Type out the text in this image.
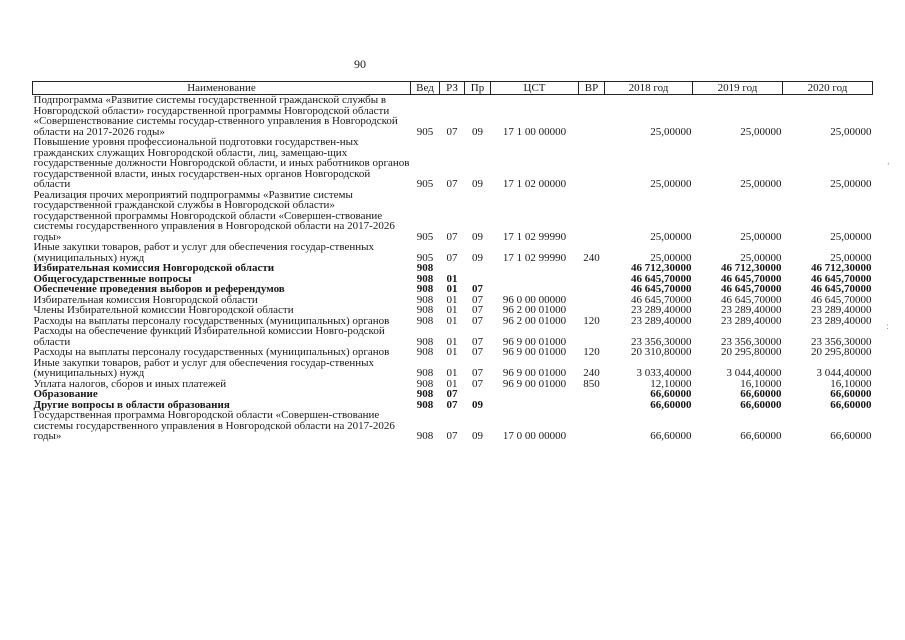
90
Наименование	Вед	РЗ	Пр	ЦСТ	ВР	2018 год	2019 год	2020 год
Подпрограмма «Развитие системы государственной гражданской службы в Новгородской области» государственной программы Новгородской области «Совершенствование системы государ-ственного управления в Новгородской области на 2017-2026 годы»	905	07	09	17 1 00 00000		25,00000	25,00000	25,00000
Повышение уровня профессиональной подготовки государствен-ных гражданских служащих Новгородской области, лиц, замещаю-щих государственные должности Новгородской области, и иных работников органов государственной власти, иных государствен-ных органов Новгородской области	905	07	09	17 1 02 00000		25,00000	25,00000	25,00000
Реализация прочих мероприятий подпрограммы «Развитие системы государственной гражданской службы в Новгородской области» государственной программы Новгородской области «Совершен-ствование системы государственного управления в Новгородской области на 2017-2026 годы»	905	07	09	17 1 02 99990		25,00000	25,00000	25,00000
Иные закупки товаров, работ и услуг для обеспечения государ-ственных (муниципальных) нужд	905	07	09	17 1 02 99990	240	25,00000	25,00000	25,00000
Избирательная комиссия Новгородской области	908					46 712,30000	46 712,30000	46 712,30000
Общегосударственные вопросы	908	01				46 645,70000	46 645,70000	46 645,70000
Обеспечение проведения выборов и референдумов	908	01	07			46 645,70000	46 645,70000	46 645,70000
Избирательная комиссия Новгородской области	908	01	07	96 0 00 00000		46 645,70000	46 645,70000	46 645,70000
Члены Избирательной комиссии Новгородской области	908	01	07	96 2 00 01000		23 289,40000	23 289,40000	23 289,40000
Расходы на выплаты персоналу государственных (муниципальных) органов	908	01	07	96 2 00 01000	120	23 289,40000	23 289,40000	23 289,40000
Расходы на обеспечение функций Избирательной комиссии Новго-родской области	908	01	07	96 9 00 01000		23 356,30000	23 356,30000	23 356,30000
Расходы на выплаты персоналу государственных (муниципальных) органов	908	01	07	96 9 00 01000	120	20 310,80000	20 295,80000	20 295,80000
Иные закупки товаров, работ и услуг для обеспечения государ-ственных (муниципальных) нужд	908	01	07	96 9 00 01000	240	3 033,40000	3 044,40000	3 044,40000
Уплата налогов, сборов и иных платежей	908	01	07	96 9 00 01000	850	12,10000	16,10000	16,10000
Образование	908	07				66,60000	66,60000	66,60000
Другие вопросы в области образования	908	07	09			66,60000	66,60000	66,60000
Государственная программа Новгородской области «Совершен-ствование системы государственного управления в Новгородской области на 2017-2026 годы»	908	07	09	17 0 00 00000		66,60000	66,60000	66,60000
'
:
